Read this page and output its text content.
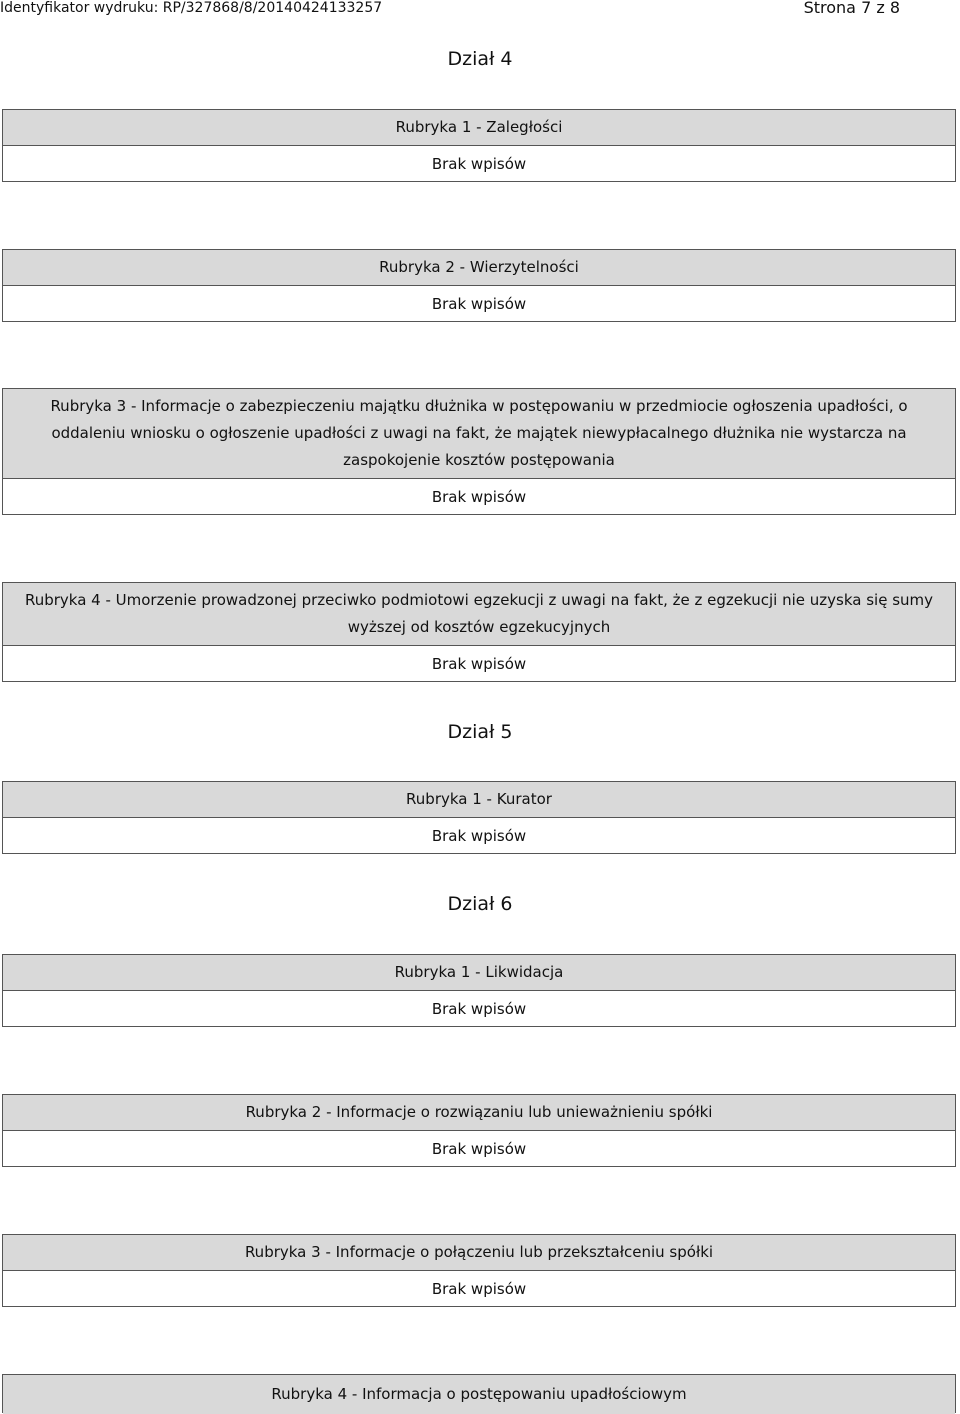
Identyfikator wydruku: RP/327868/8/20140424133257	Strona 7 z 8
Dział 4
Rubryka 1 - Zaległości
Brak wpisów
Rubryka 2 - Wierzytelności
Brak wpisów
Rubryka 3 - Informacje o zabezpieczeniu majątku dłużnika w postępowaniu w przedmiocie ogłoszenia upadłości, o oddaleniu wniosku o ogłoszenie upadłości z uwagi na fakt, że majątek niewypłacalnego dłużnika nie wystarcza na zaspokojenie kosztów postępowania
Brak wpisów
Rubryka 4 - Umorzenie prowadzonej przeciwko podmiotowi egzekucji z uwagi na fakt, że z egzekucji nie uzyska się sumy wyższej od kosztów egzekucyjnych
Brak wpisów
Dział 5
Rubryka 1 - Kurator
Brak wpisów
Dział 6
Rubryka 1 - Likwidacja
Brak wpisów
Rubryka 2 - Informacje o rozwiązaniu lub unieważnieniu spółki
Brak wpisów
Rubryka 3 - Informacje o połączeniu lub przekształceniu spółki
Brak wpisów
Rubryka 4 - Informacja o postępowaniu upadłościowym
